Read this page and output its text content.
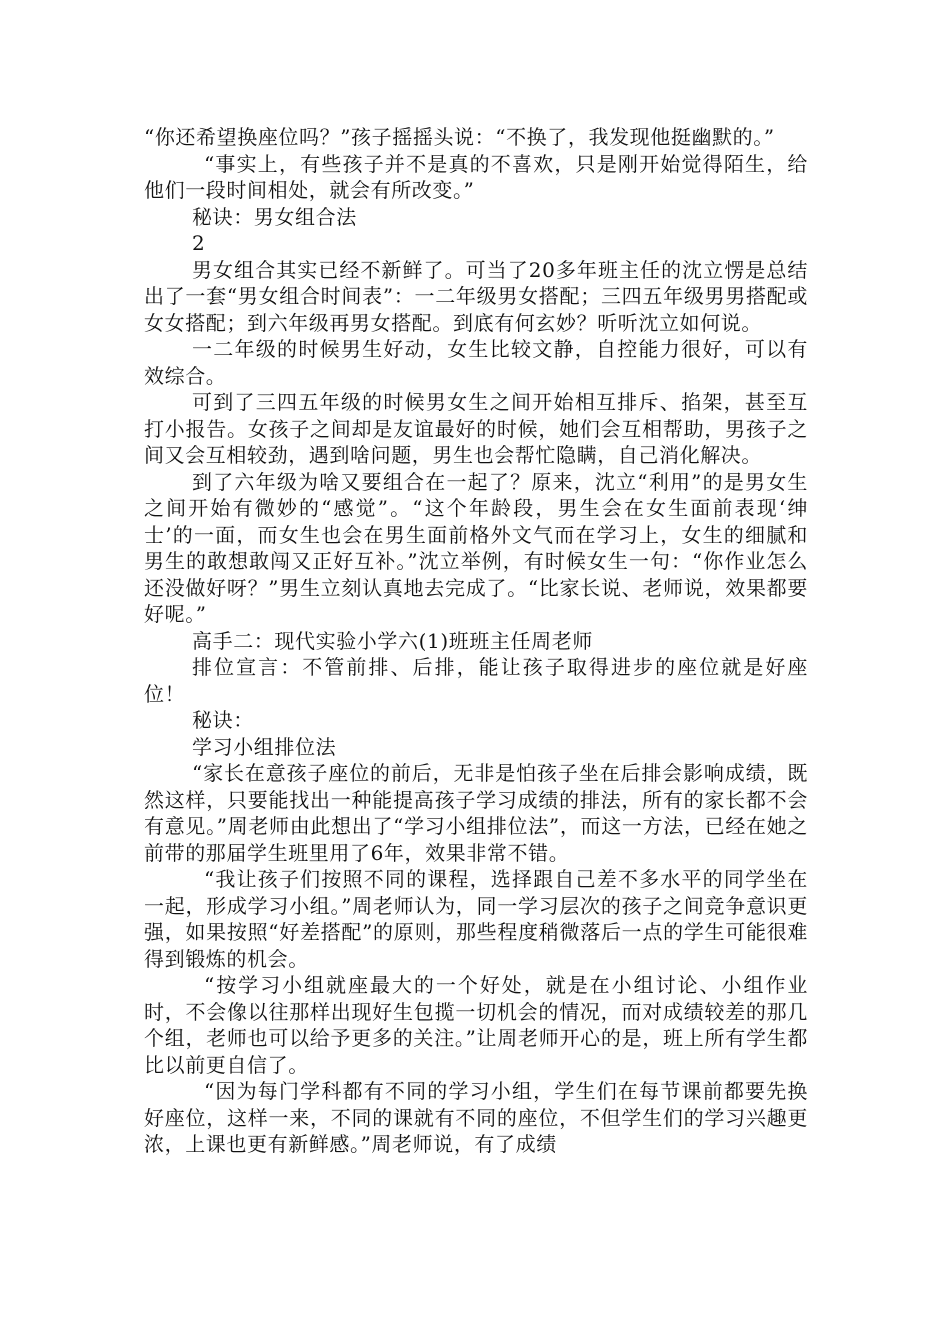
“你还希望换座位吗？”孩子摇摇头说：“不换了，我发现他挺幽默的。”

“事实上，有些孩子并不是真的不喜欢，只是刚开始觉得陌生，给他们一段时间相处，就会有所改变。”

秘诀：男女组合法

2

男女组合其实已经不新鲜了。可当了20多年班主任的沈立愣是总结出了一套“男女组合时间表”：一二年级男女搭配；三四五年级男男搭配或女女搭配；到六年级再男女搭配。到底有何玄妙？听听沈立如何说。

一二年级的时候男生好动，女生比较文静，自控能力很好，可以有效综合。

可到了三四五年级的时候男女生之间开始相互排斥、掐架，甚至互打小报告。女孩子之间却是友谊最好的时候，她们会互相帮助，男孩子之间又会互相较劲，遇到啥问题，男生也会帮忙隐瞒，自己消化解决。

到了六年级为啥又要组合在一起了？原来，沈立“利用”的是男女生之间开始有微妙的“感觉”。“这个年龄段，男生会在女生面前表现‘绅士’的一面，而女生也会在男生面前格外文气而在学习上，女生的细腻和男生的敢想敢闯又正好互补。”沈立举例，有时候女生一句：“你作业怎么还没做好呀？”男生立刻认真地去完成了。“比家长说、老师说，效果都要好呢。”

高手二：现代实验小学六(1)班班主任周老师

排位宣言：不管前排、后排，能让孩子取得进步的座位就是好座位！

秘诀：

学习小组排位法

“家长在意孩子座位的前后，无非是怕孩子坐在后排会影响成绩，既然这样，只要能找出一种能提高孩子学习成绩的排法，所有的家长都不会有意见。”周老师由此想出了“学习小组排位法”，而这一方法，已经在她之前带的那届学生班里用了6年，效果非常不错。

“我让孩子们按照不同的课程，选择跟自己差不多水平的同学坐在一起，形成学习小组。”周老师认为，同一学习层次的孩子之间竞争意识更强，如果按照“好差搭配”的原则，那些程度稍微落后一点的学生可能很难得到锻炼的机会。

“按学习小组就座最大的一个好处，就是在小组讨论、小组作业时，不会像以往那样出现好生包揽一切机会的情况，而对成绩较差的那几个组，老师也可以给予更多的关注。”让周老师开心的是，班上所有学生都比以前更自信了。

“因为每门学科都有不同的学习小组，学生们在每节课前都要先换好座位，这样一来，不同的课就有不同的座位，不但学生们的学习兴趣更浓，上课也更有新鲜感。”周老师说，有了成绩
